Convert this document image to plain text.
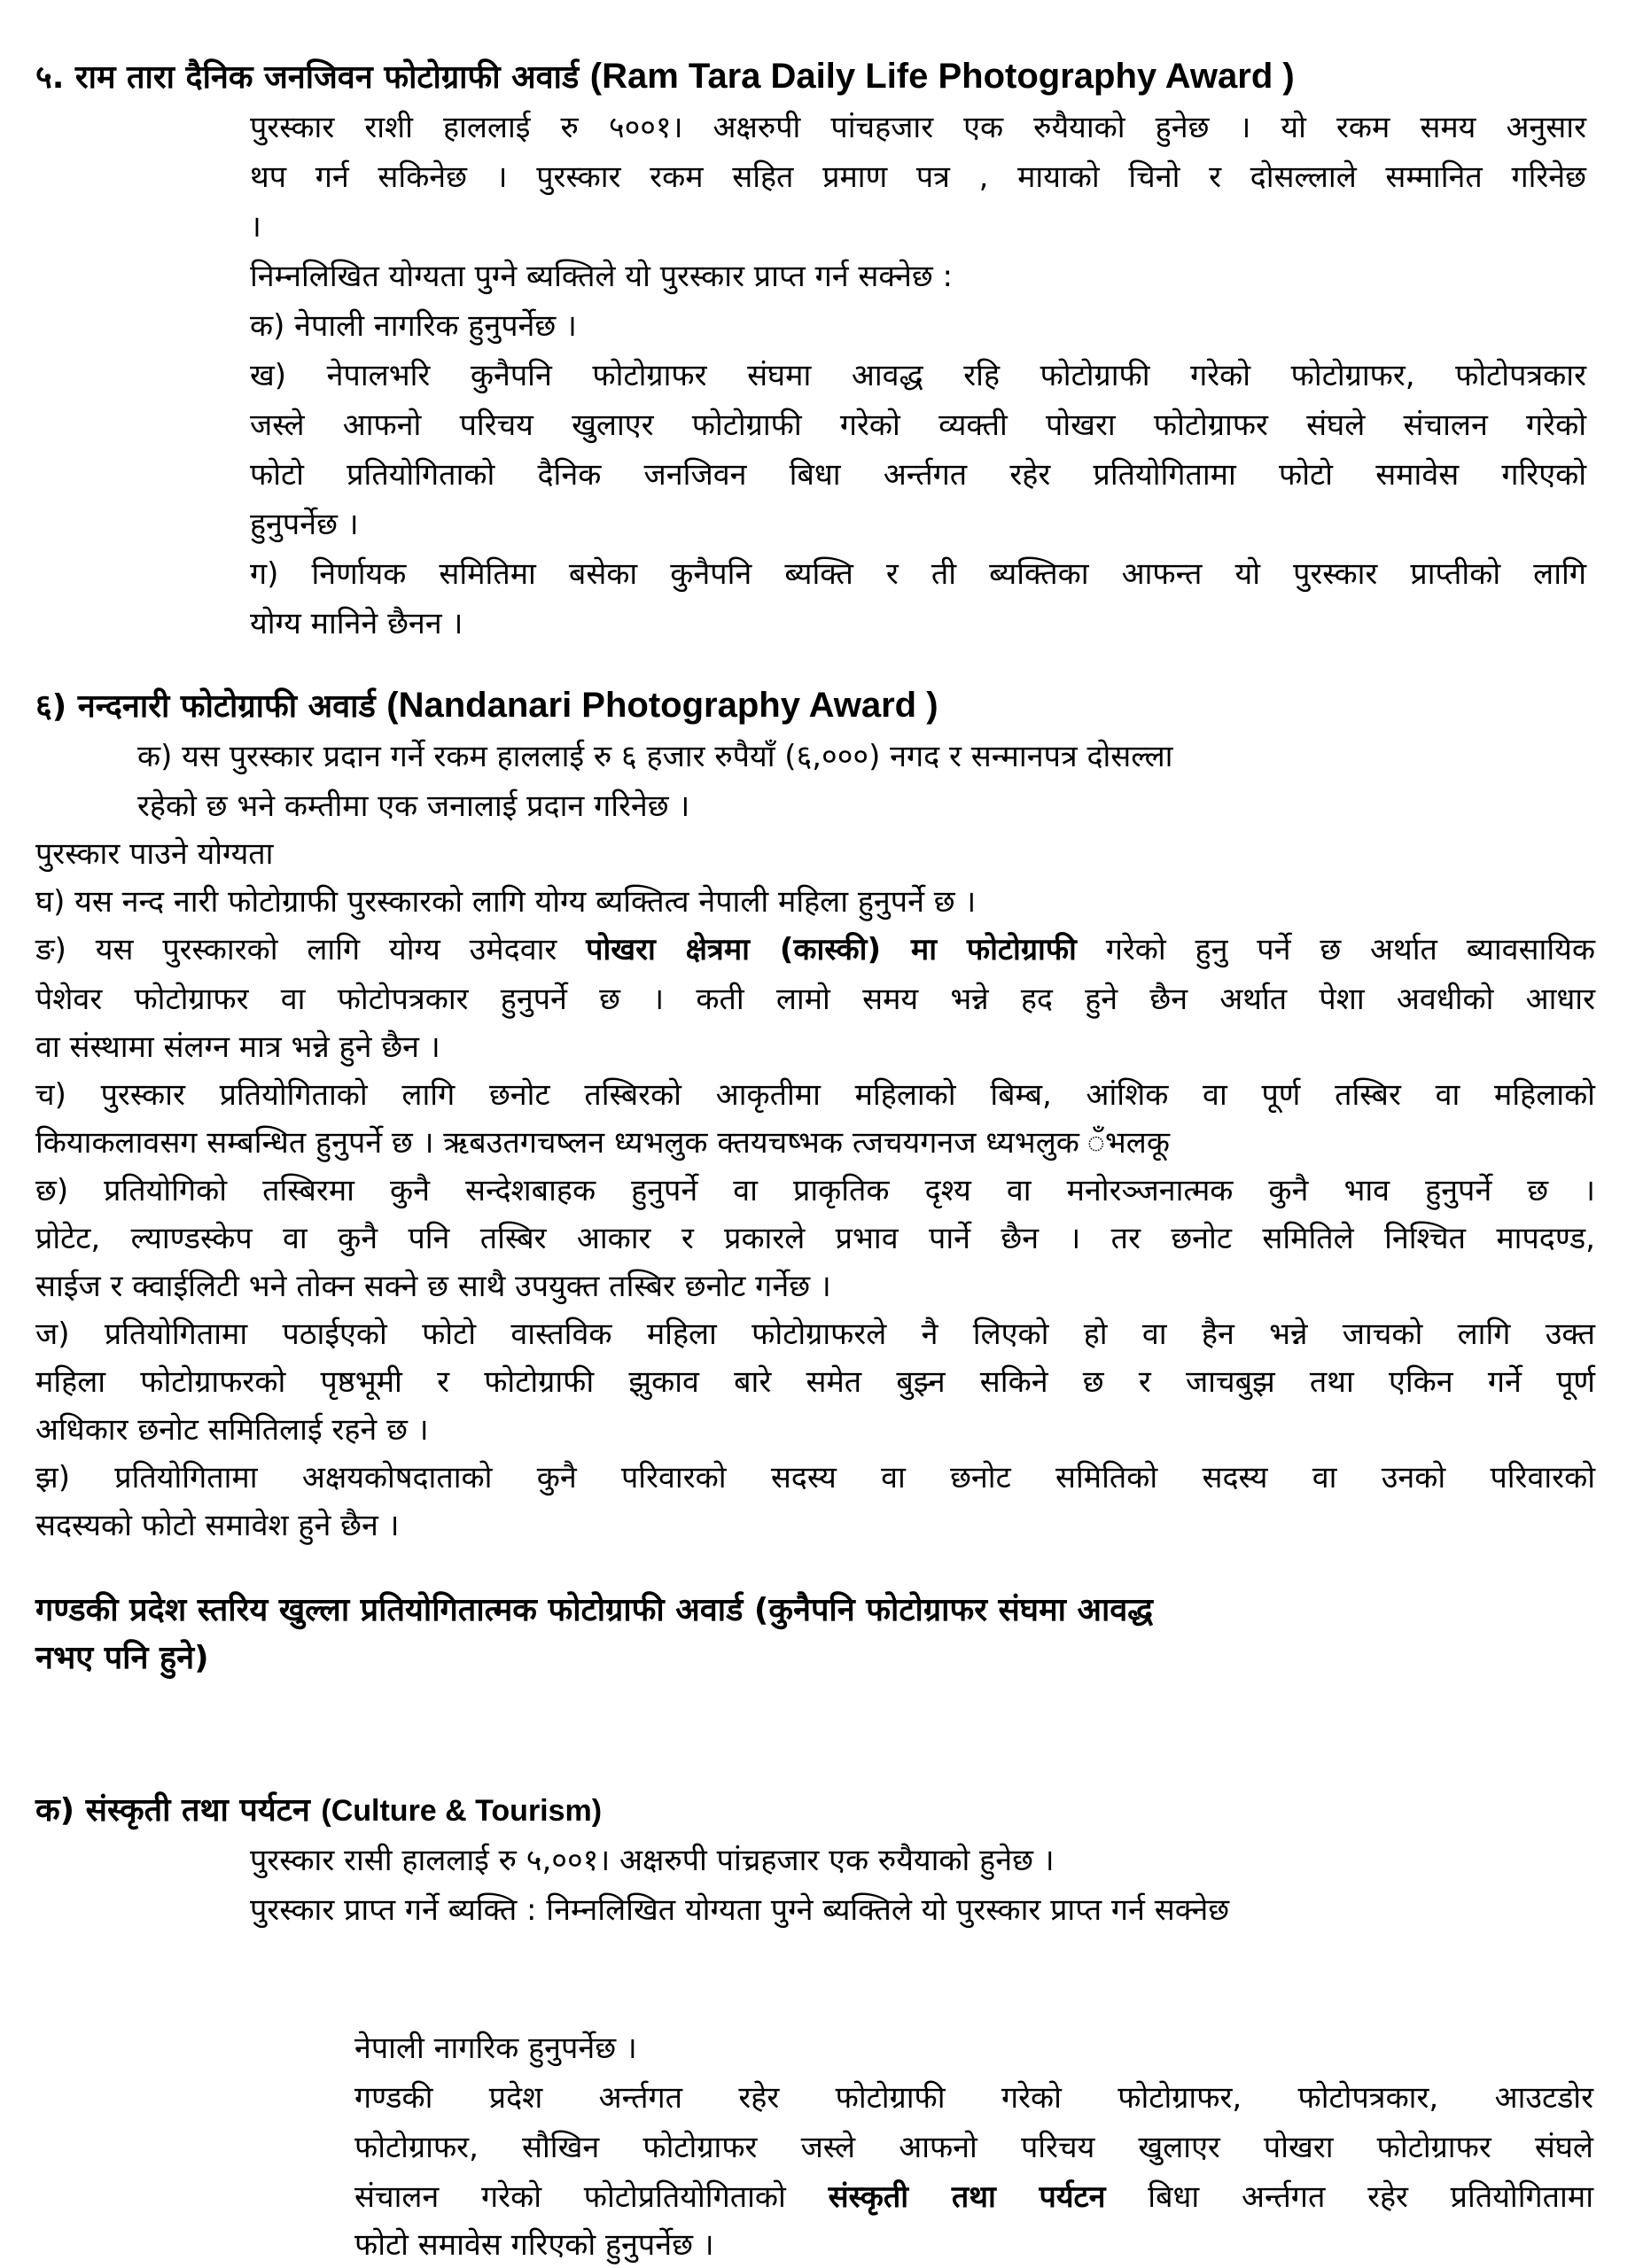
५. राम तारा दैनिक जनजिवन फोटोग्राफी अवार्ड (Ram Tara Daily Life Photography Award )
पुरस्कार राशी हाललाई रु ५००१। अक्षरुपी पांचहजार एक रुयैयाको हुनेछ । यो रकम समय अनुसार
थप गर्न सकिनेछ । पुरस्कार रकम सहित प्रमाण पत्र , मायाको चिनो र दोसल्लाले सम्मानित गरिनेछ
।
निम्नलिखित योग्यता पुग्ने ब्यक्तिले यो पुरस्कार प्राप्त गर्न सक्नेछ :
क) नेपाली नागरिक हुनुपर्नेछ ।
ख) नेपालभरि कुनैपनि फोटोग्राफर संघमा आवद्ध रहि फोटोग्राफी गरेको फोटोग्राफर, फोटोपत्रकार
जस्ले आफनो परिचय खुलाएर फोटोग्राफी गरेको व्यक्ती पोखरा फोटोग्राफर संघले संचालन गरेको
फोटो प्रतियोगिताको दैनिक जनजिवन बिधा अर्न्तगत रहेर प्रतियोगितामा फोटो समावेस गरिएको
हुनुपर्नेछ ।
ग) निर्णायक समितिमा बसेका कुनैपनि ब्यक्ति र ती ब्यक्तिका आफन्त यो पुरस्कार प्राप्तीको लागि
योग्य मानिने छैनन ।
६) नन्दनारी फोटोग्राफी अवार्ड (Nandanari Photography Award )
क) यस पुरस्कार प्रदान गर्ने रकम हाललाई रु ६ हजार रुपैयाँ (६,०००) नगद र सन्मानपत्र दोसल्ला
रहेको छ भने कम्तीमा एक जनालाई प्रदान गरिनेछ ।
पुरस्कार पाउने योग्यता
घ) यस नन्द नारी फोटोग्राफी पुरस्कारको लागि योग्य ब्यक्तित्व नेपाली महिला हुनुपर्ने छ ।
ङ) यस पुरस्कारको लागि योग्य उमेदवार पोखरा क्षेत्रमा (कास्की) मा फोटोग्राफी गरेको हुनु पर्ने छ अर्थात ब्यावसायिक
पेशेवर फोटोग्राफर वा फोटोपत्रकार हुनुपर्ने छ । कती लामो समय भन्ने हद हुने छैन अर्थात पेशा अवधीको आधार
वा संस्थामा संलग्न मात्र भन्ने हुने छैन ।
च) पुरस्कार प्रतियोगिताको लागि छनोट तस्बिरको आकृतीमा महिलाको बिम्ब, आंशिक वा पूर्ण तस्बिर वा महिलाको
कियाकलावसग सम्बन्धित हुनुपर्ने छ । ऋबउतगचष्लन ध्यभलुक क्तयचष्भक त्जचयगनज ध्यभलुक ँभलकू
छ) प्रतियोगिको तस्बिरमा कुनै सन्देशबाहक हुनुपर्ने वा प्राकृतिक दृश्य वा मनोरञ्जनात्मक कुनै भाव हुनुपर्ने छ ।
प्रोटेट, ल्याण्डस्केप वा कुनै पनि तस्बिर आकार र प्रकारले प्रभाव पार्ने छैन । तर छनोट समितिले निश्चित मापदण्ड,
साईज र क्वाईलिटी भने तोक्न सक्ने छ साथै उपयुक्त तस्बिर छनोट गर्नेछ ।
ज) प्रतियोगितामा पठाईएको फोटो वास्तविक महिला फोटोग्राफरले नै लिएको हो वा हैन भन्ने जाचको लागि उक्त
महिला फोटोग्राफरको पृष्ठभूमी र फोटोग्राफी झुकाव बारे समेत बुझ्न सकिने छ र जाचबुझ तथा एकिन गर्ने पूर्ण
अधिकार छनोट समितिलाई रहने छ ।
झ) प्रतियोगितामा अक्षयकोषदाताको कुनै परिवारको सदस्य वा छनोट समितिको सदस्य वा उनको परिवारको
सदस्यको फोटो समावेश हुने छैन ।
गण्डकी प्रदेश स्तरिय खुल्ला प्रतियोगितात्मक फोटोग्राफी अवार्ड (कुनैपनि फोटोग्राफर संघमा आवद्ध
नभए पनि हुने)
क) संस्कृती तथा पर्यटन (Culture & Tourism)
पुरस्कार रासी हाललाई रु ५,००१। अक्षरुपी पांच्रहजार एक रुयैयाको हुनेछ ।
पुरस्कार प्राप्त गर्ने ब्यक्ति : निम्नलिखित योग्यता पुग्ने ब्यक्तिले यो पुरस्कार प्राप्त गर्न सक्नेछ
नेपाली नागरिक हुनुपर्नेछ ।
गण्डकी प्रदेश अर्न्तगत रहेर फोटोग्राफी गरेको फोटोग्राफर, फोटोपत्रकार, आउटडोर
फोटोग्राफर, सौखिन फोटोग्राफर जस्ले आफनो परिचय खुलाएर पोखरा फोटोग्राफर संघले
संचालन गरेको फोटोप्रतियोगिताको संस्कृती तथा पर्यटन बिधा अर्न्तगत रहेर प्रतियोगितामा
फोटो समावेस गरिएको हुनुपर्नेछ ।
